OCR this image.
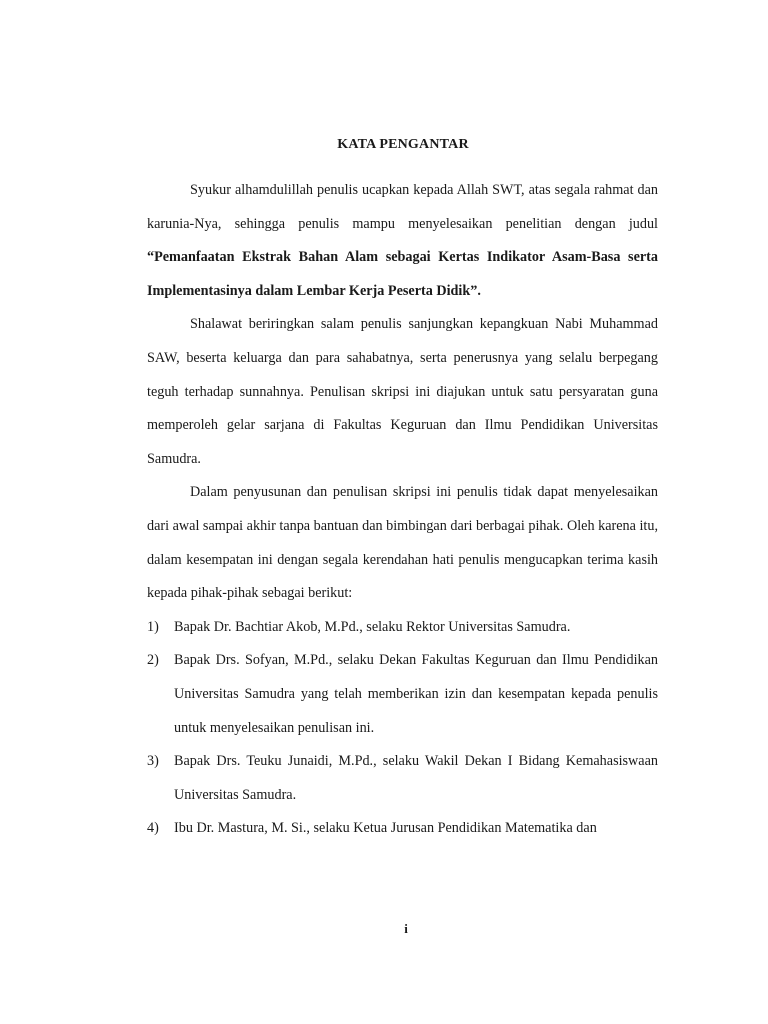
KATA PENGANTAR

Syukur alhamdulillah penulis ucapkan kepada Allah SWT, atas segala rahmat dan karunia-Nya, sehingga penulis mampu menyelesaikan penelitian dengan judul “Pemanfaatan Ekstrak Bahan Alam sebagai Kertas Indikator Asam-Basa serta Implementasinya dalam Lembar Kerja Peserta Didik”.

Shalawat beriringkan salam penulis sanjungkan kepangkuan Nabi Muhammad SAW, beserta keluarga dan para sahabatnya, serta penerusnya yang selalu berpegang teguh terhadap sunnahnya. Penulisan skripsi ini diajukan untuk satu persyaratan guna memperoleh gelar sarjana di Fakultas Keguruan dan Ilmu Pendidikan Universitas Samudra.

Dalam penyusunan dan penulisan skripsi ini penulis tidak dapat menyelesaikan dari awal sampai akhir tanpa bantuan dan bimbingan dari berbagai pihak. Oleh karena itu, dalam kesempatan ini dengan segala kerendahan hati penulis mengucapkan terima kasih kepada pihak-pihak sebagai berikut:

1) Bapak Dr. Bachtiar Akob, M.Pd., selaku Rektor Universitas Samudra.
2) Bapak Drs. Sofyan, M.Pd., selaku Dekan Fakultas Keguruan dan Ilmu Pendidikan Universitas Samudra yang telah memberikan izin dan kesempatan kepada penulis untuk menyelesaikan penulisan ini.
3) Bapak Drs. Teuku Junaidi, M.Pd., selaku Wakil Dekan I Bidang Kemahasiswaan Universitas Samudra.
4) Ibu Dr. Mastura, M. Si., selaku Ketua Jurusan Pendidikan Matematika dan
i
